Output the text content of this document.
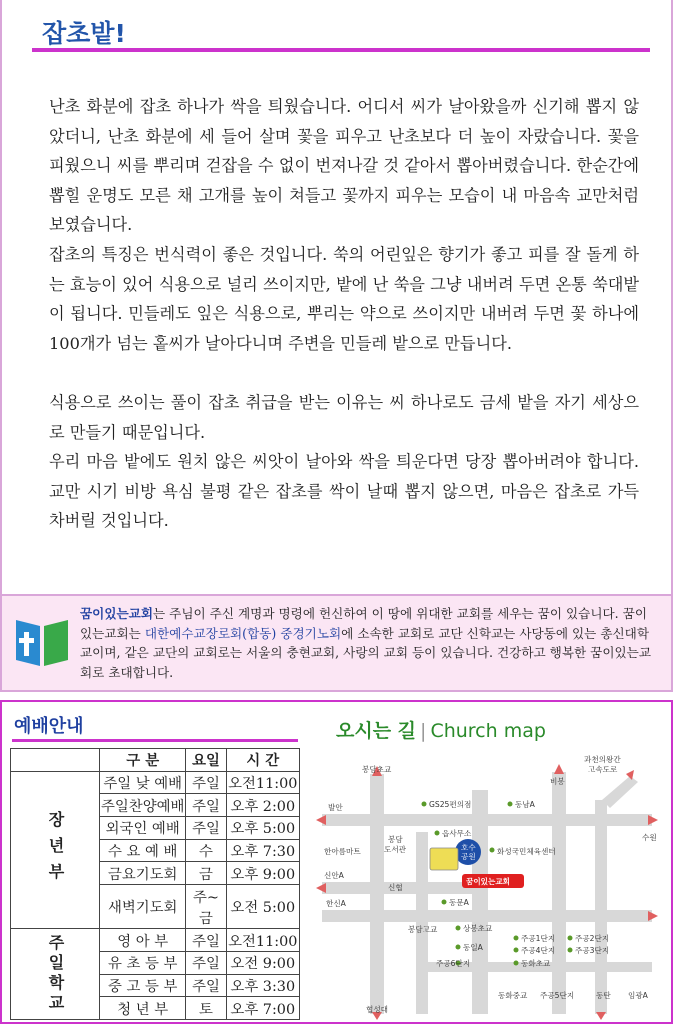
잡초밭!

난초 화분에 잡초 하나가 싹을 틔웠습니다. 어디서 씨가 날아왔을까 신기해 뽑지 않았더니, 난초 화분에 세 들어 살며 꽃을 피우고 난초보다 더 높이 자랐습니다. 꽃을 피웠으니 씨를 뿌리며 걷잡을 수 없이 번져나갈 것 같아서 뽑아버렸습니다. 한순간에 뽑힐 운명도 모른 채 고개를 높이 쳐들고 꽃까지 피우는 모습이 내 마음속 교만처럼 보였습니다.

잡초의 특징은 번식력이 좋은 것입니다. 쑥의 어린잎은 향기가 좋고 피를 잘 돌게 하는 효능이 있어 식용으로 널리 쓰이지만, 밭에 난 쑥을 그냥 내버려 두면 온통 쑥대밭이 됩니다. 민들레도 잎은 식용으로, 뿌리는 약으로 쓰이지만 내버려 두면 꽃 하나에 100개가 넘는 홑씨가 날아다니며 주변을 민들레 밭으로 만듭니다.

식용으로 쓰이는 풀이 잡초 취급을 받는 이유는 씨 하나로도 금세 밭을 자기 세상으로 만들기 때문입니다.

우리 마음 밭에도 원치 않은 씨앗이 날아와 싹을 틔운다면 당장 뽑아버려야 합니다. 교만 시기 비방 욕심 불평 같은 잡초를 싹이 날때 뽑지 않으면, 마음은 잡초로 가득 차버릴 것입니다.

꿈이있는교회는 주님이 주신 계명과 명령에 헌신하여 이 땅에 위대한 교회를 세우는 꿈이 있습니다. 꿈이있는교회는 대한예수교장로회(합동) 중경기노회에 소속한 교회로 교단 신학교는 사당동에 있는 총신대학교이며, 같은 교단의 교회로는 서울의 충현교회, 사랑의 교회 등이 있습니다. 건강하고 행복한 꿈이있는교회로 초대합니다.
예배안내
	구 분	요일	시 간

장년부	주일 낮 예배	주일	오전11:00
	주일찬양예배	주일	오후 2:00
	외국인 예배	주일	오후 5:00
	수 요 예 배	수	오후 7:30
	금요기도회	금	오후 9:00
	새벽기도회	주~금	오전 5:00

주일학교	영 아 부	주일	오전11:00
	유 초 등 부	주일	오전 9:00
	중 고 등 부	주일	오후 3:30
	청 년 부	토	오후 7:00
오시는 길 | Church map
봉담초교
과천의왕간
고속도로
비봉
수원
발안	GS25편의점	동남A
읍사무소
봉담
도서관
한아름마트	호수
공원
화성국민체육센터
신안A
신협
꿈이있는교회
한신A	동문A
봉담고교	상봉초교
동일A
주공6단지
주공1단지
주공4단지
동화초교
주공2단지
주공3단지
협성대
동화중교 주공5단지	동탄 임광A
